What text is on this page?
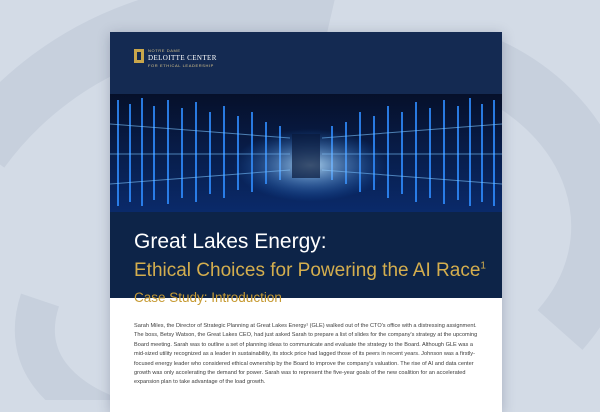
NOTRE DAME
DELOITTE CENTER
FOR ETHICAL LEADERSHIP
Great Lakes Energy:
Ethical Choices for Powering the AI Race$^1$
Case Study: Introduction
Sarah Miles, the Director of Strategic Planning at Great Lakes Energy¹ (GLE) walked out of the CTO's office with a distressing assignment. The boss, Betsy Watson, the Great Lakes CEO, had just asked Sarah to prepare a list of slides for the company's strategy at the upcoming Board meeting. Sarah was to outline a set of planning ideas to communicate and evaluate the strategy to the Board. Although GLE was a mid-sized utility recognized as a leader in sustainability, its stock price had lagged those of its peers in recent years. Johnson was a firstly-focused energy leader who considered ethical ownership by the Board to improve the company's valuation. The rise of AI and data center growth was only accelerating the demand for power. Sarah was to represent the five-year goals of the new coalition for an accelerated expansion plan to take advantage of the load growth.
